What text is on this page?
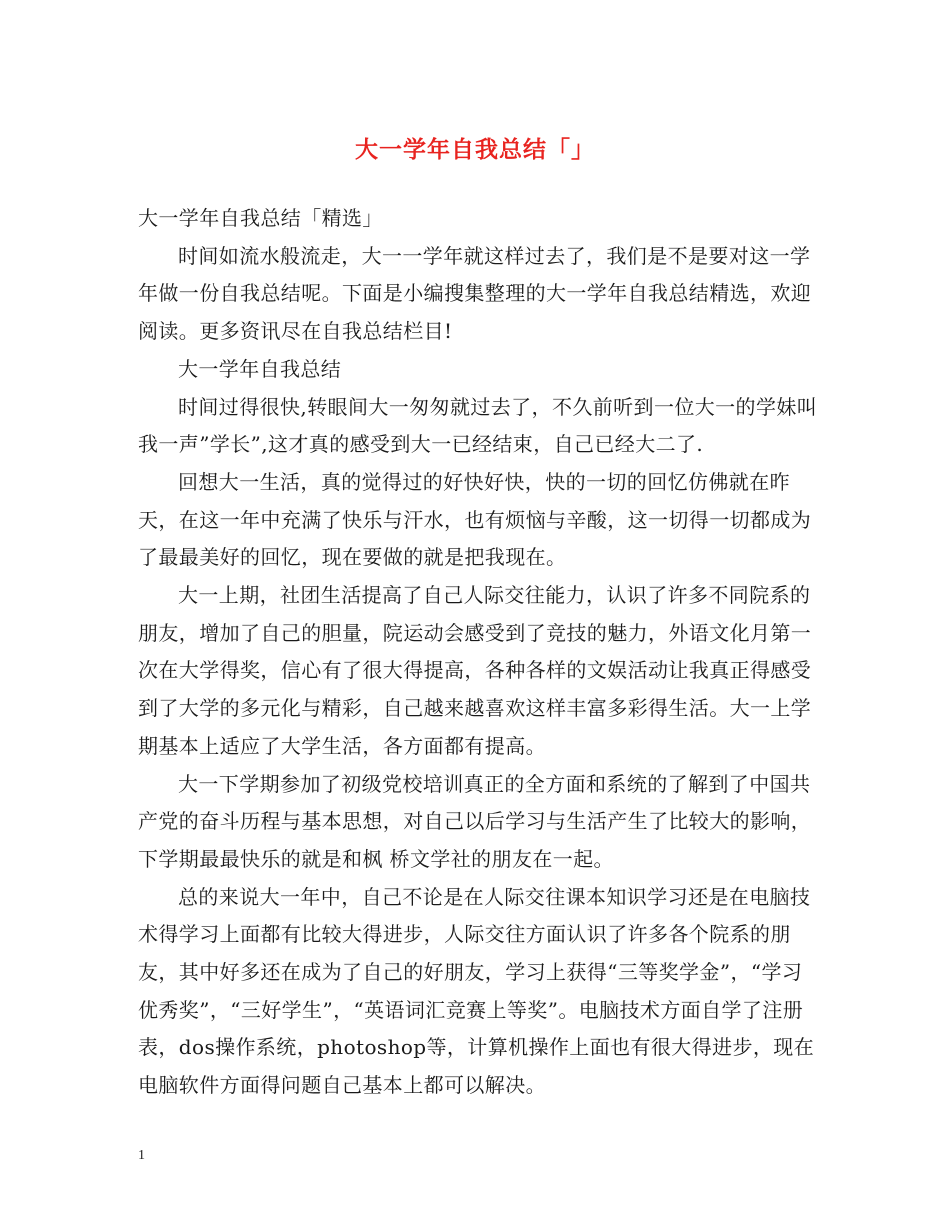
大一学年自我总结「」

大一学年自我总结「精选」

时间如流水般流走，大一一学年就这样过去了，我们是不是要对这一学年做一份自我总结呢。下面是小编搜集整理的大一学年自我总结精选，欢迎阅读。更多资讯尽在自我总结栏目!

大一学年自我总结

时间过得很快,转眼间大一匆匆就过去了，不久前听到一位大一的学妹叫我一声”学长”,这才真的感受到大一已经结束，自己已经大二了.

回想大一生活，真的觉得过的好快好快，快的一切的回忆仿佛就在昨天，在这一年中充满了快乐与汗水，也有烦恼与辛酸，这一切得一切都成为了最最美好的回忆，现在要做的就是把我现在。

大一上期，社团生活提高了自己人际交往能力，认识了许多不同院系的朋友，增加了自己的胆量，院运动会感受到了竞技的魅力，外语文化月第一次在大学得奖，信心有了很大得提高，各种各样的文娱活动让我真正得感受到了大学的多元化与精彩，自己越来越喜欢这样丰富多彩得生活。大一上学期基本上适应了大学生活，各方面都有提高。

大一下学期参加了初级党校培训真正的全方面和系统的了解到了中国共产党的奋斗历程与基本思想，对自己以后学习与生活产生了比较大的影响，下学期最最快乐的就是和枫 桥文学社的朋友在一起。

总的来说大一年中，自己不论是在人际交往课本知识学习还是在电脑技术得学习上面都有比较大得进步，人际交往方面认识了许多各个院系的朋友，其中好多还在成为了自己的好朋友，学习上获得“三等奖学金”，“学习优秀奖”，“三好学生”，“英语词汇竞赛上等奖”。电脑技术方面自学了注册表，dos操作系统，photoshop等，计算机操作上面也有很大得进步，现在电脑软件方面得问题自己基本上都可以解决。

1
